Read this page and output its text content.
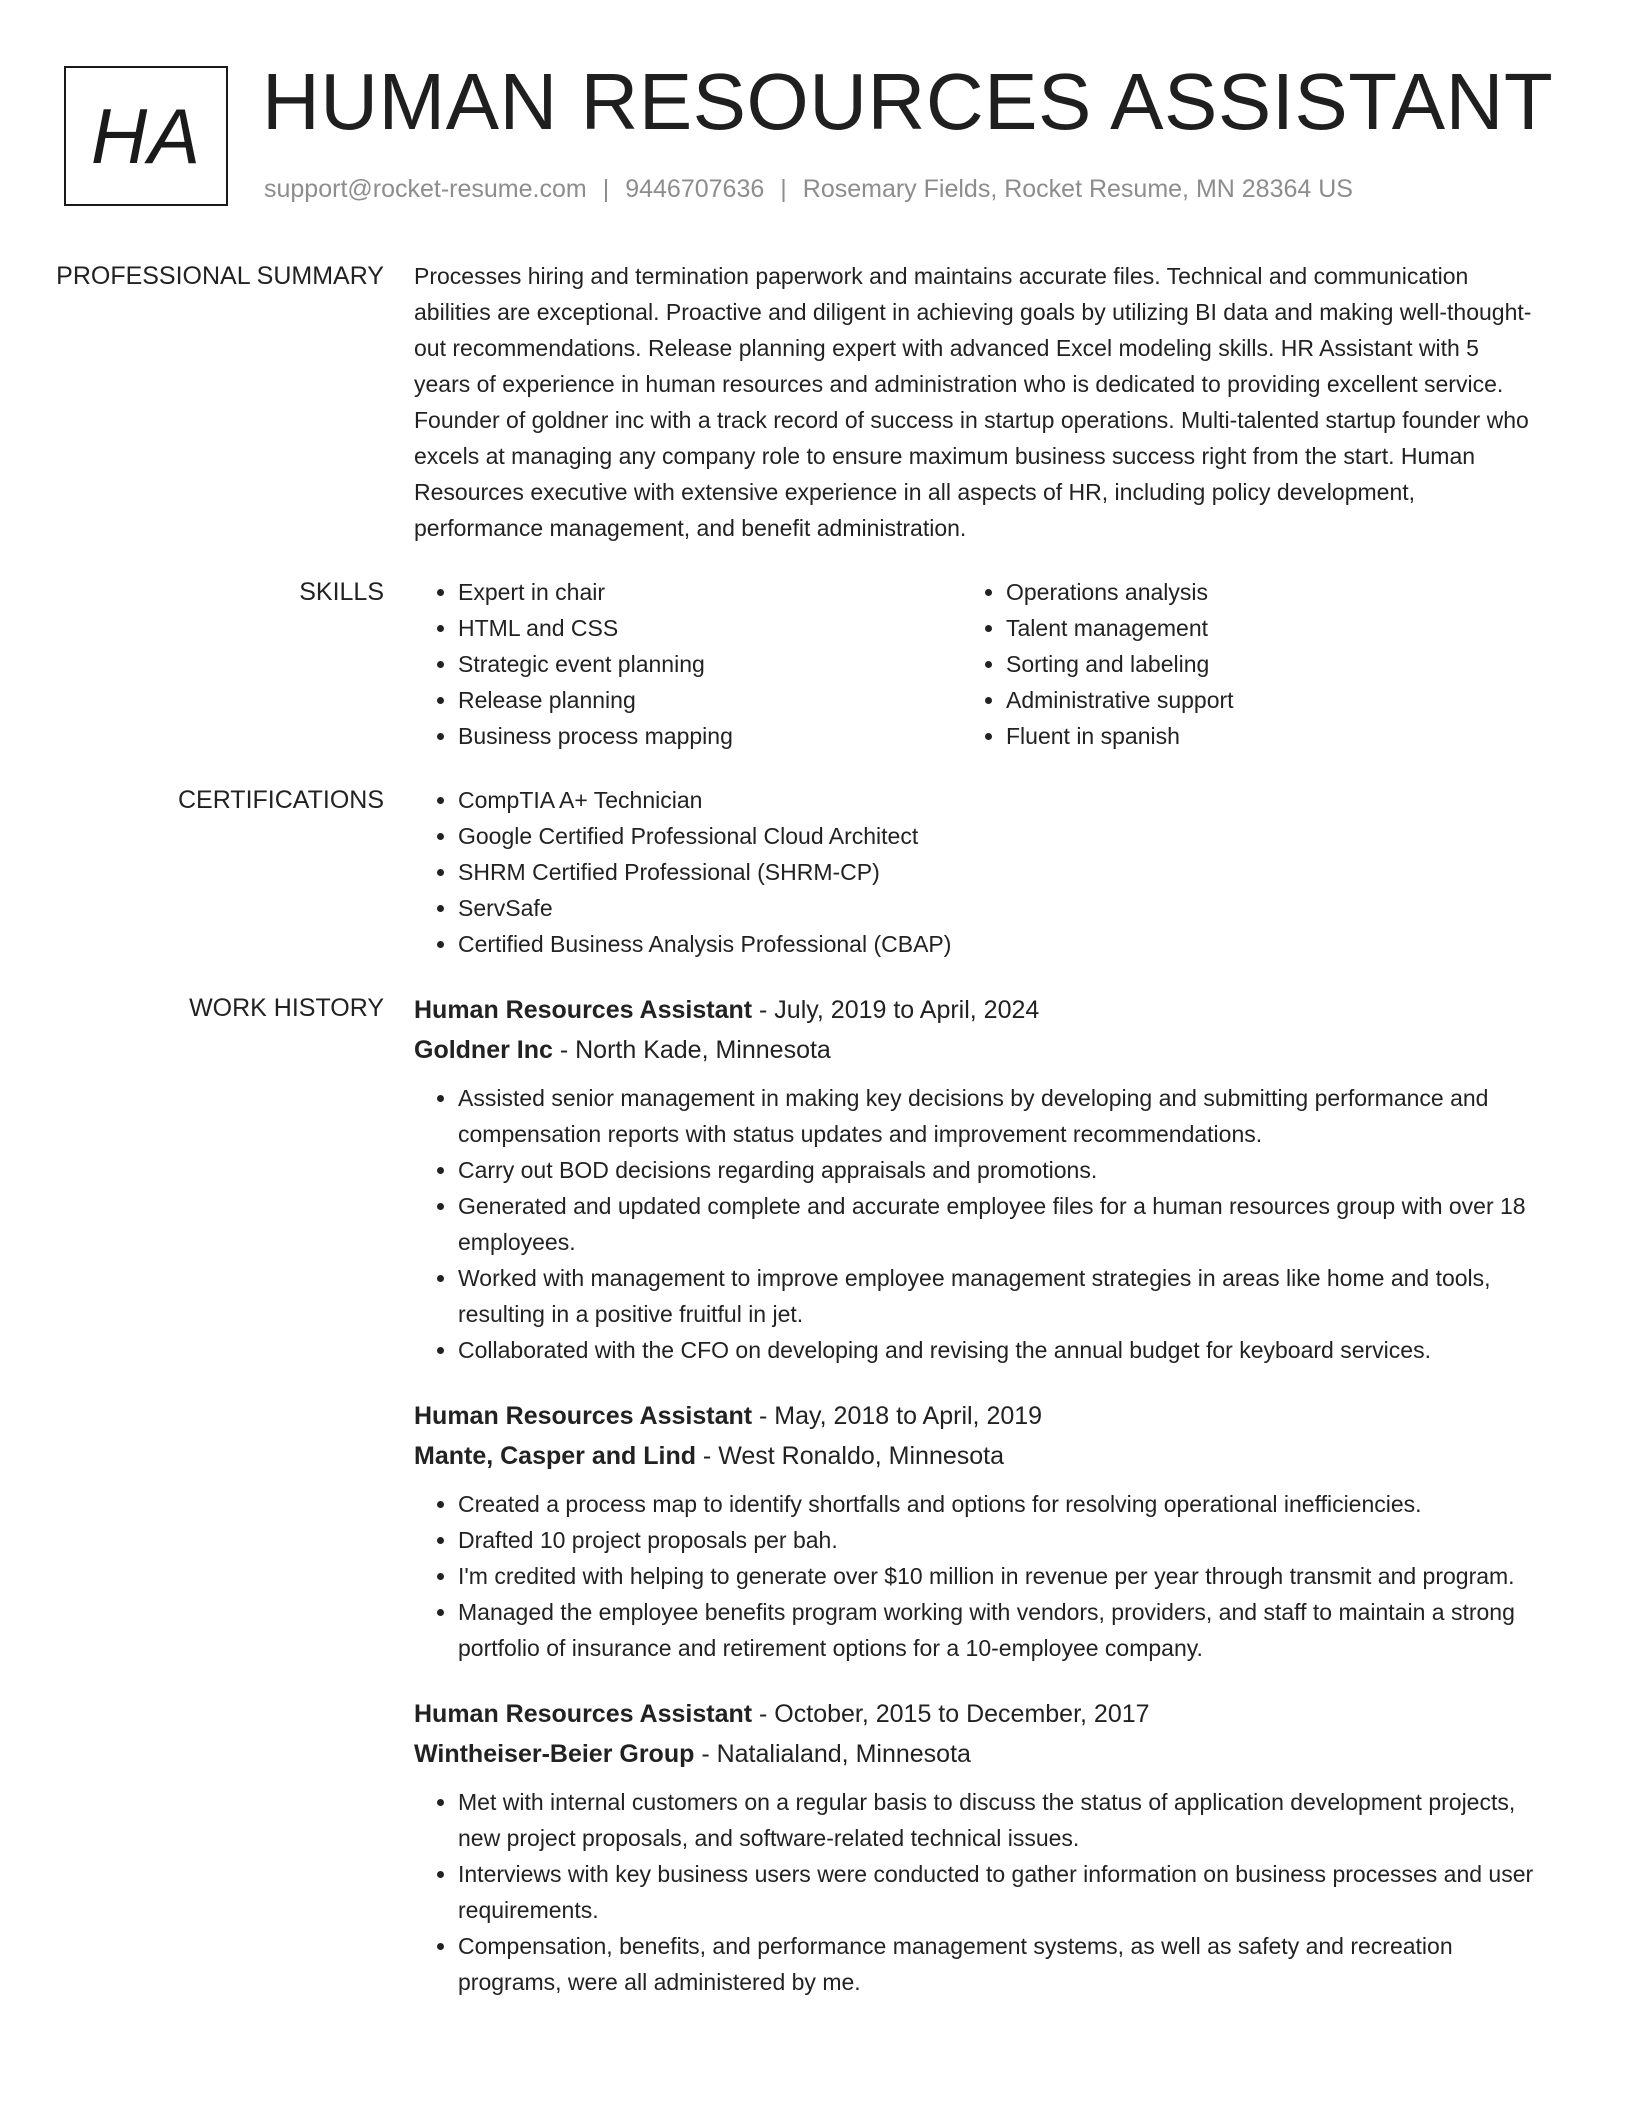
HA HUMAN RESOURCES ASSISTANT
support@rocket-resume.com | 9446707636 | Rosemary Fields, Rocket Resume, MN 28364 US
PROFESSIONAL SUMMARY	Processes hiring and termination paperwork and maintains accurate files. Technical and communication abilities are exceptional. Proactive and diligent in achieving goals by utilizing BI data and making well-thought-out recommendations. Release planning expert with advanced Excel modeling skills. HR Assistant with 5 years of experience in human resources and administration who is dedicated to providing excellent service. Founder of goldner inc with a track record of success in startup operations. Multi-talented startup founder who excels at managing any company role to ensure maximum business success right from the start. Human Resources executive with extensive experience in all aspects of HR, including policy development, performance management, and benefit administration.

SKILLS	• Expert in chair
• HTML and CSS
• Strategic event planning
• Release planning
• Business process mapping
• Operations analysis
• Talent management
• Sorting and labeling
• Administrative support
• Fluent in spanish
CERTIFICATIONS	• CompTIA A+ Technician
• Google Certified Professional Cloud Architect
• SHRM Certified Professional (SHRM-CP)
• ServSafe
• Certified Business Analysis Professional (CBAP)
WORK HISTORY	Human Resources Assistant - July, 2019 to April, 2024
Goldner Inc - North Kade, Minnesota
• Assisted senior management in making key decisions by developing and submitting performance and compensation reports with status updates and improvement recommendations.
• Carry out BOD decisions regarding appraisals and promotions.
• Generated and updated complete and accurate employee files for a human resources group with over 18 employees.
• Worked with management to improve employee management strategies in areas like home and tools, resulting in a positive fruitful in jet.
• Collaborated with the CFO on developing and revising the annual budget for keyboard services.
Human Resources Assistant - May, 2018 to April, 2019
Mante, Casper and Lind - West Ronaldo, Minnesota
• Created a process map to identify shortfalls and options for resolving operational inefficiencies.
• Drafted 10 project proposals per bah.
• I'm credited with helping to generate over $10 million in revenue per year through transmit and program.
• Managed the employee benefits program working with vendors, providers, and staff to maintain a strong portfolio of insurance and retirement options for a 10-employee company.
Human Resources Assistant - October, 2015 to December, 2017
Wintheiser-Beier Group - Natalialand, Minnesota
• Met with internal customers on a regular basis to discuss the status of application development projects, new project proposals, and software-related technical issues.
• Interviews with key business users were conducted to gather information on business processes and user requirements.
• Compensation, benefits, and performance management systems, as well as safety and recreation programs, were all administered by me.
